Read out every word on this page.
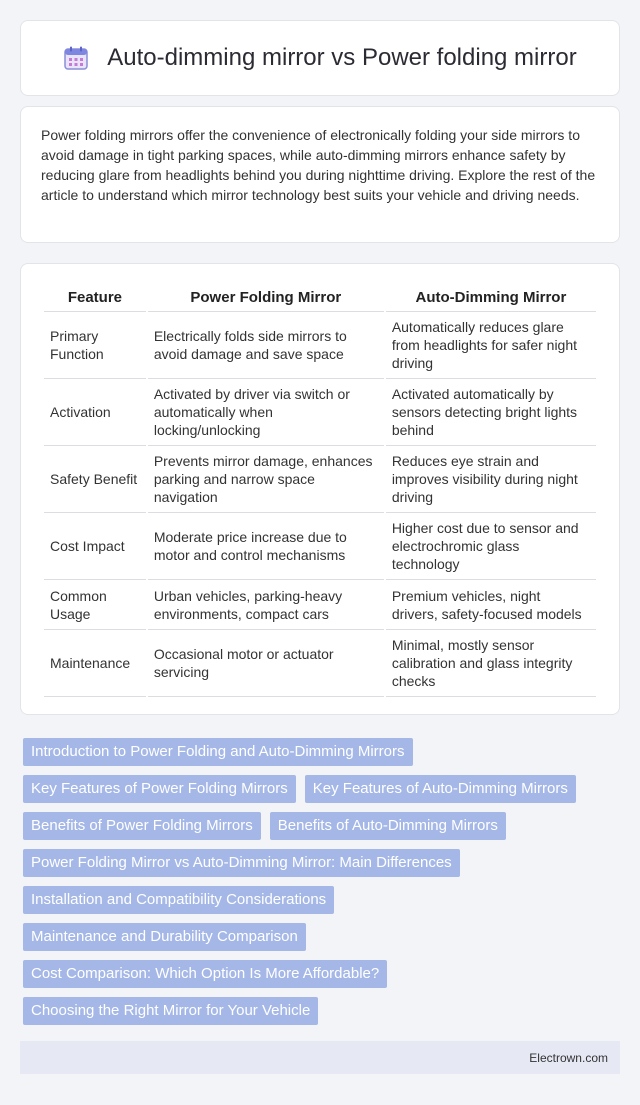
Auto-dimming mirror vs Power folding mirror

Power folding mirrors offer the convenience of electronically folding your side mirrors to avoid damage in tight parking spaces, while auto-dimming mirrors enhance safety by reducing glare from headlights behind you during nighttime driving. Explore the rest of the article to understand which mirror technology best suits your vehicle and driving needs.

Feature	Power Folding Mirror	Auto-Dimming Mirror
Primary Function	Electrically folds side mirrors to avoid damage and save space	Automatically reduces glare from headlights for safer night driving
Activation	Activated by driver via switch or automatically when locking/unlocking	Activated automatically by sensors detecting bright lights behind
Safety Benefit	Prevents mirror damage, enhances parking and narrow space navigation	Reduces eye strain and improves visibility during night driving
Cost Impact	Moderate price increase due to motor and control mechanisms	Higher cost due to sensor and electrochromic glass technology
Common Usage	Urban vehicles, parking-heavy environments, compact cars	Premium vehicles, night drivers, safety-focused models
Maintenance	Occasional motor or actuator servicing	Minimal, mostly sensor calibration and glass integrity checks
Introduction to Power Folding and Auto-Dimming Mirrors
Key Features of Power Folding Mirrors	Key Features of Auto-Dimming Mirrors
Benefits of Power Folding Mirrors	Benefits of Auto-Dimming Mirrors
Power Folding Mirror vs Auto-Dimming Mirror: Main Differences
Installation and Compatibility Considerations
Maintenance and Durability Comparison
Cost Comparison: Which Option Is More Affordable?
Choosing the Right Mirror for Your Vehicle
Electrown.com
